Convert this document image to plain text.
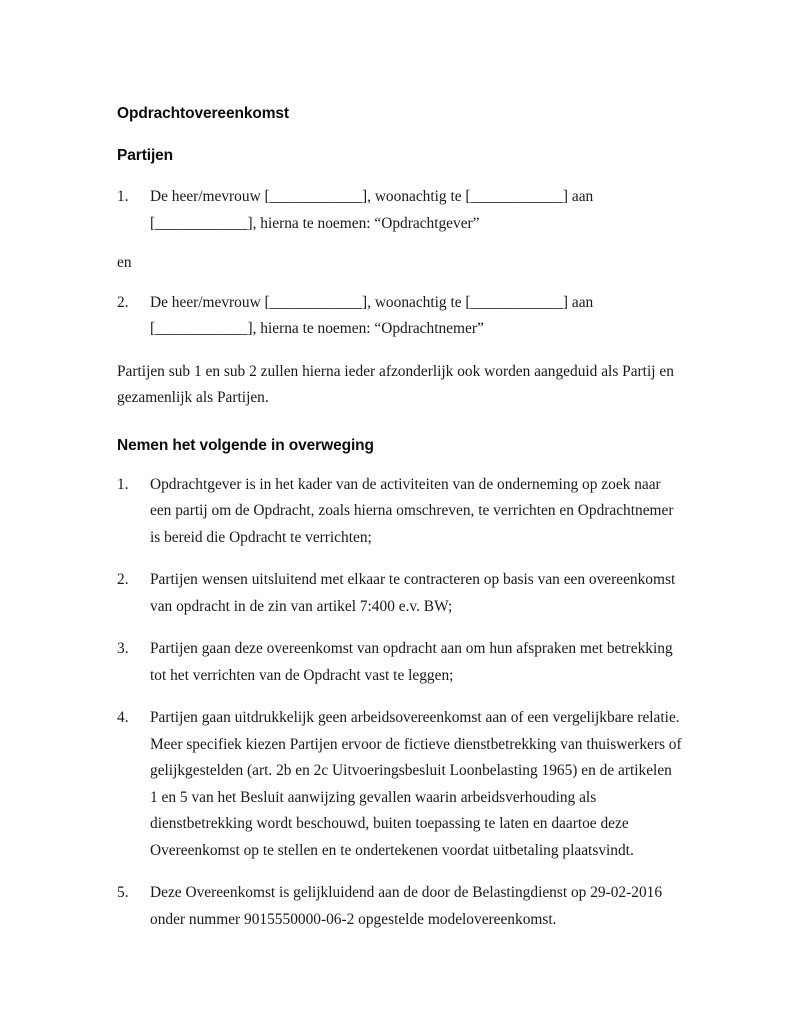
Opdrachtovereenkomst
Partijen
1.	De heer/mevrouw [____________], woonachtig te [____________] aan [____________], hierna te noemen: “Opdrachtgever”
en
2.	De heer/mevrouw [____________], woonachtig te [____________] aan [____________], hierna te noemen: “Opdrachtnemer”

Partijen sub 1 en sub 2 zullen hierna ieder afzonderlijk ook worden aangeduid als Partij en gezamenlijk als Partijen.

Nemen het volgende in overweging
1.	Opdrachtgever is in het kader van de activiteiten van de onderneming op zoek naar een partij om de Opdracht, zoals hierna omschreven, te verrichten en Opdrachtnemer is bereid die Opdracht te verrichten;
2.	Partijen wensen uitsluitend met elkaar te contracteren op basis van een overeenkomst van opdracht in de zin van artikel 7:400 e.v. BW;
3.	Partijen gaan deze overeenkomst van opdracht aan om hun afspraken met betrekking tot het verrichten van de Opdracht vast te leggen;
4.	Partijen gaan uitdrukkelijk geen arbeidsovereenkomst aan of een vergelijkbare relatie. Meer specifiek kiezen Partijen ervoor de fictieve dienstbetrekking van thuiswerkers of gelijkgestelden (art. 2b en 2c Uitvoeringsbesluit Loonbelasting 1965) en de artikelen 1 en 5 van het Besluit aanwijzing gevallen waarin arbeidsverhouding als dienstbetrekking wordt beschouwd, buiten toepassing te laten en daartoe deze Overeenkomst op te stellen en te ondertekenen voordat uitbetaling plaatsvindt.
5.	Deze Overeenkomst is gelijkluidend aan de door de Belastingdienst op 29-02-2016 onder nummer 9015550000-06-2 opgestelde modelovereenkomst.
